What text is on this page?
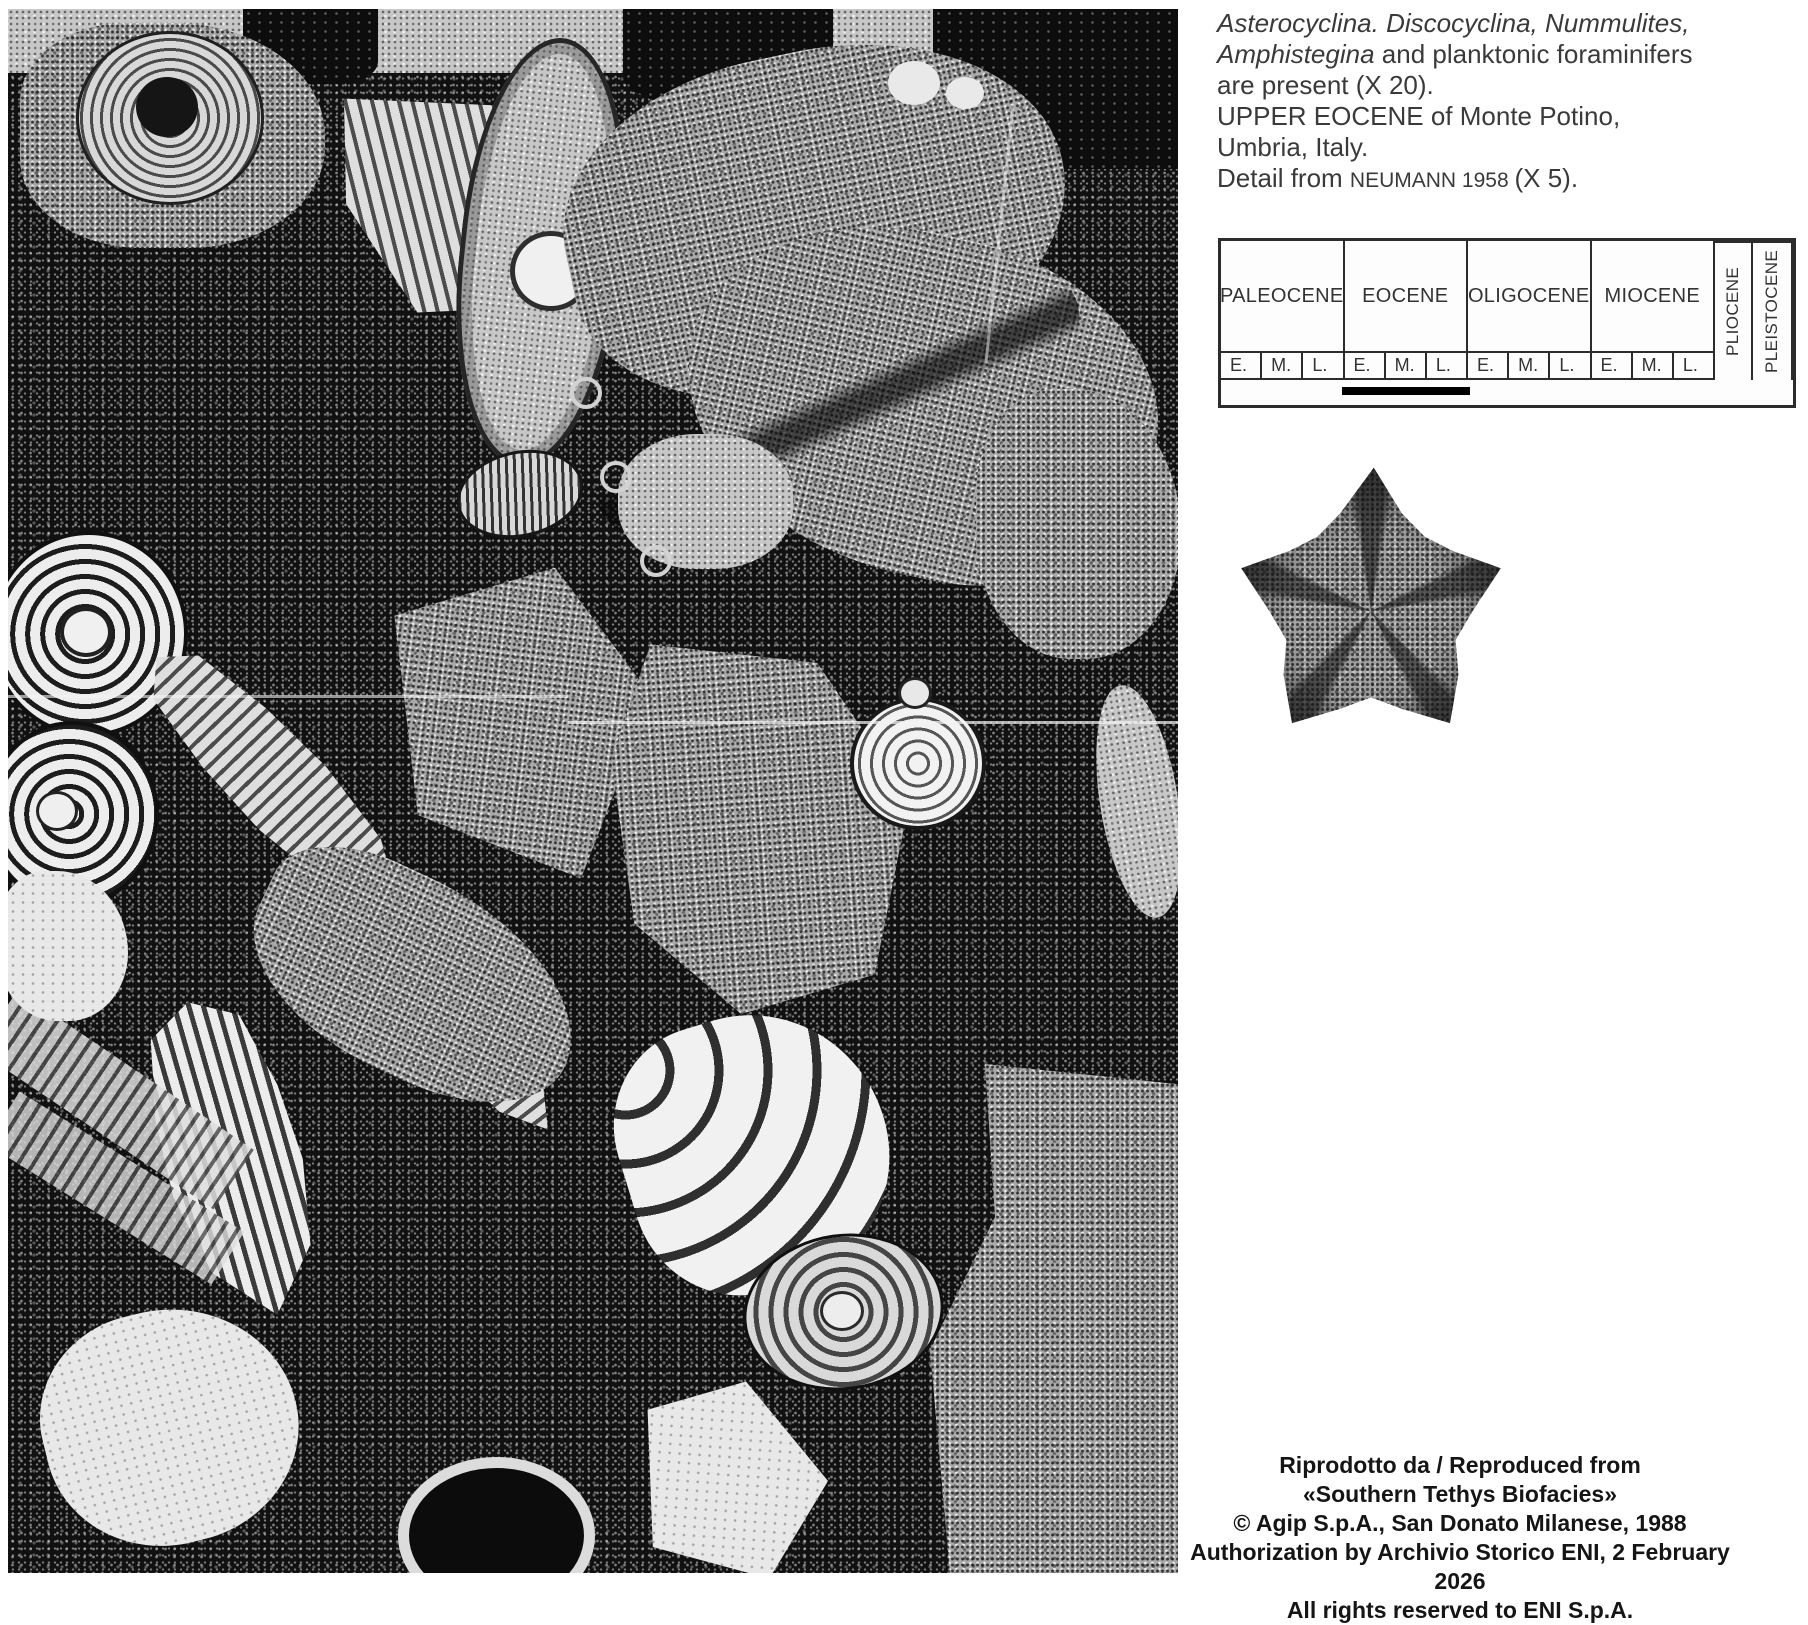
Asterocyclina. Discocyclina, Nummulites,

Amphistegina and planktonic foraminifers

are present (X 20).

UPPER EOCENE of Monte Potino,

Umbria, Italy.

Detail from NEUMANN 1958 (X 5).

PALEOCENE EOCENE OLIGOCENE MIOCENE	PLIOCENE	PLEISTOCENE
E.	M.	L.	E.	M.	L.	E.	M.	L.	E.	M.	L.

Riprodotto da / Reproduced from

«Southern Tethys Biofacies»

© Agip S.p.A., San Donato Milanese, 1988

Authorization by Archivio Storico ENI, 2 February 2026

All rights reserved to ENI S.p.A.
